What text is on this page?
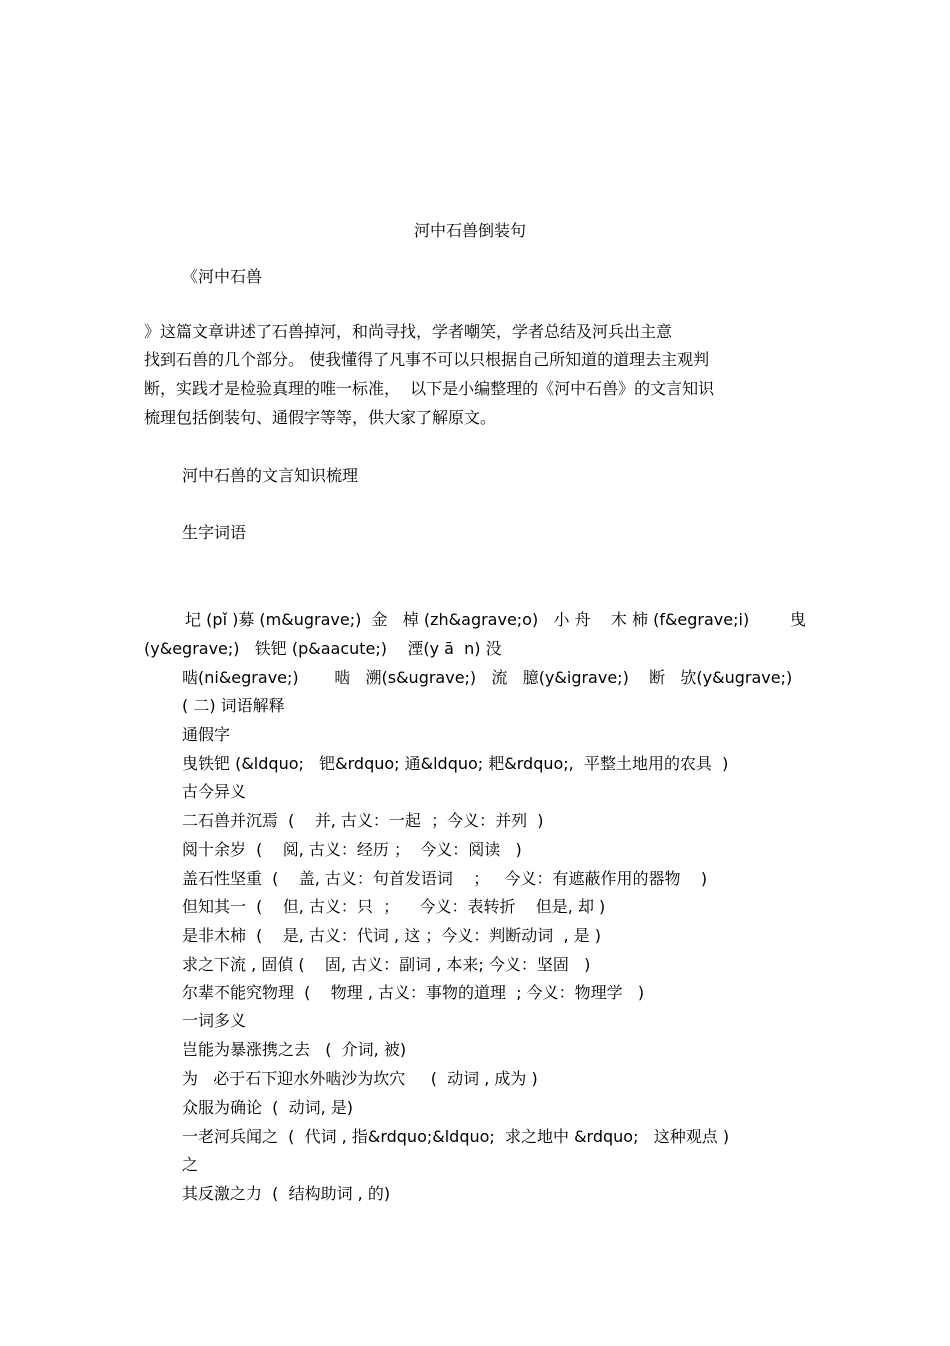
河中石兽倒装句

《河中石兽

》这篇文章讲述了石兽掉河，和尚寻找，学者嘲笑，学者总结及河兵出主意

找到石兽的几个部分。 使我懂得了凡事不可以只根据自己所知道的道理去主观判

断，实践才是检验真理的唯一标准，  以下是小编整理的《河中石兽》的文言知识

梳理包括倒装句、通假字等等，供大家了解原文。

河中石兽的文言知识梳理

生字词语

圮 (pǐ )募 (m&ugrave;)  金   棹 (zh&agrave;o)   小 舟    木 柿 (f&egrave;i)        曳

(y&egrave;)   铁钯 (p&aacute;)    湮(y ā  n) 没

啮(ni&egrave;)       啮   溯(s&ugrave;)   流   臆(y&igrave;)    断   欤(y&ugrave;)

( 二) 词语解释

通假字

曳铁钯 (&ldquo;   钯&rdquo; 通&ldquo; 耙&rdquo;,  平整土地用的农具  )

古今异义

二石兽并沉焉  (    并, 古义：一起  ；今义：并列  )

阅十余岁  (    阅, 古义：经历 ；  今义：阅读   )

盖石性坚重  (    盖, 古义：句首发语词    ；   今义：有遮蔽作用的器物    )

但知其一  (    但, 古义：只  ；    今义：表转折    但是, 却 )

是非木柿  (    是, 古义：代词 , 这 ；今义：判断动词  , 是 )

求之下流 , 固偵 (    固, 古义：副词 , 本来; 今义：坚固   )

尔辈不能究物理  (    物理 , 古义：事物的道理  ; 今义：物理学   )

一词多义

岂能为暴涨携之去   (  介词, 被)

为   必于石下迎水外啮沙为坎穴     (  动词 , 成为 )

众服为确论  (  动词, 是)

一老河兵闻之  (  代词 , 指&rdquo;&ldquo;  求之地中 &rdquo;   这种观点 )

之

其反激之力  (  结构助词 , 的)
